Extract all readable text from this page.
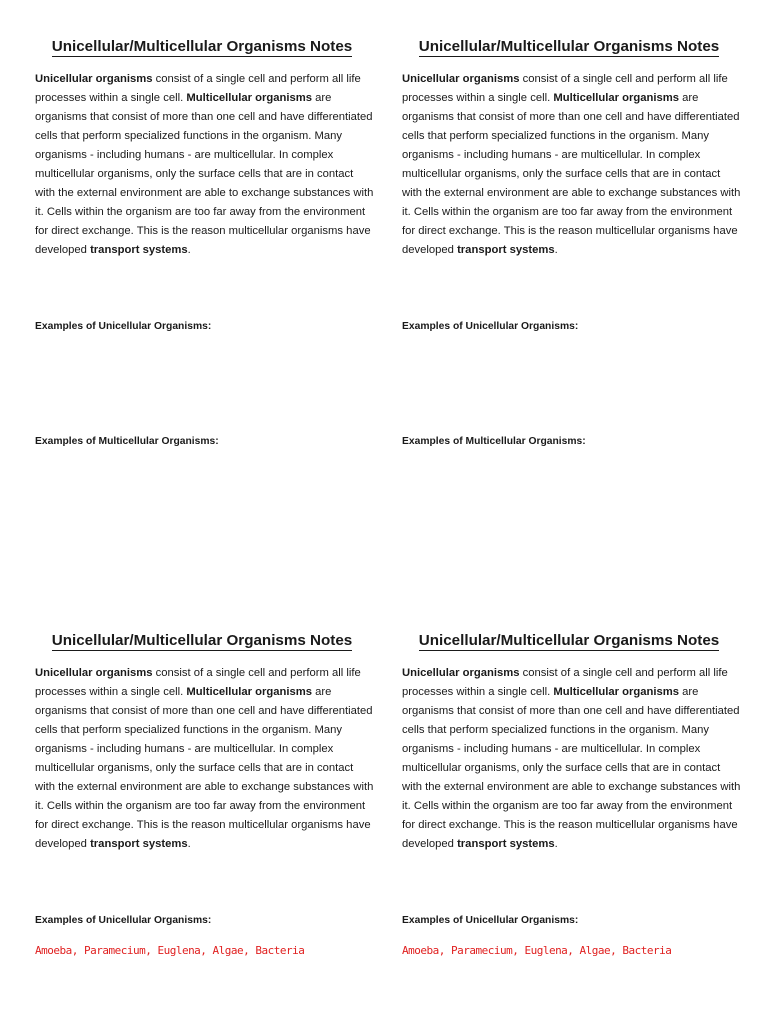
Unicellular/Multicellular Organisms Notes

Unicellular organisms consist of a single cell and perform all life processes within a single cell. Multicellular organisms are organisms that consist of more than one cell and have differentiated cells that perform specialized functions in the organism. Many organisms - including humans - are multicellular. In complex multicellular organisms, only the surface cells that are in contact with the external environment are able to exchange substances with it. Cells within the organism are too far away from the environment for direct exchange. This is the reason multicellular organisms have developed transport systems.

Examples of Unicellular Organisms:
Examples of Multicellular Organisms:
Unicellular/Multicellular Organisms Notes

Unicellular organisms consist of a single cell and perform all life processes within a single cell. Multicellular organisms are organisms that consist of more than one cell and have differentiated cells that perform specialized functions in the organism. Many organisms - including humans - are multicellular. In complex multicellular organisms, only the surface cells that are in contact with the external environment are able to exchange substances with it. Cells within the organism are too far away from the environment for direct exchange. This is the reason multicellular organisms have developed transport systems.

Examples of Unicellular Organisms:
Examples of Multicellular Organisms:
Unicellular/Multicellular Organisms Notes

Unicellular organisms consist of a single cell and perform all life processes within a single cell. Multicellular organisms are organisms that consist of more than one cell and have differentiated cells that perform specialized functions in the organism. Many organisms - including humans - are multicellular. In complex multicellular organisms, only the surface cells that are in contact with the external environment are able to exchange substances with it. Cells within the organism are too far away from the environment for direct exchange. This is the reason multicellular organisms have developed transport systems.

Examples of Unicellular Organisms:
Amoeba, Paramecium, Euglena, Algae, Bacteria
Unicellular/Multicellular Organisms Notes

Unicellular organisms consist of a single cell and perform all life processes within a single cell. Multicellular organisms are organisms that consist of more than one cell and have differentiated cells that perform specialized functions in the organism. Many organisms - including humans - are multicellular. In complex multicellular organisms, only the surface cells that are in contact with the external environment are able to exchange substances with it. Cells within the organism are too far away from the environment for direct exchange. This is the reason multicellular organisms have developed transport systems.

Examples of Unicellular Organisms:
Amoeba, Paramecium, Euglena, Algae, Bacteria
